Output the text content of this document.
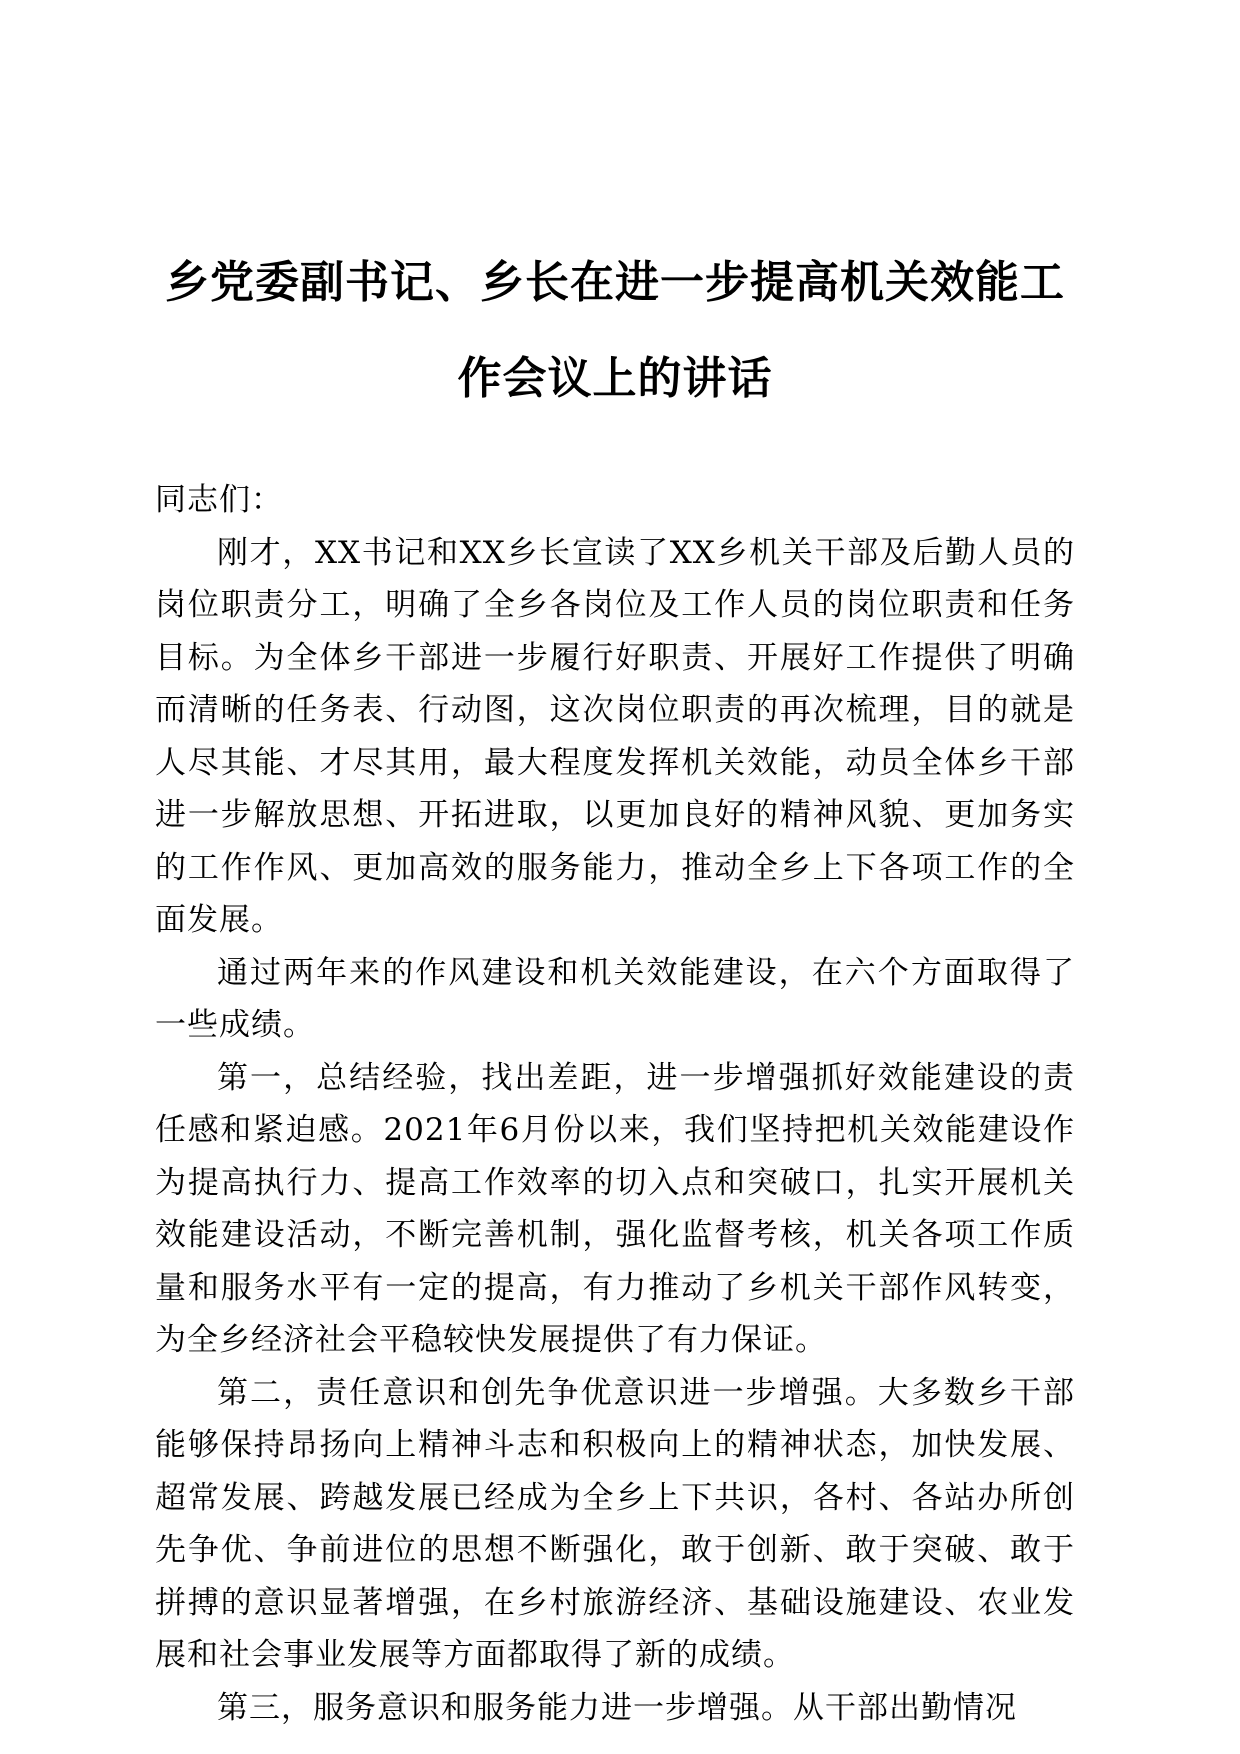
乡党委副书记、乡长在进一步提高机关效能工
作会议上的讲话

同志们：

刚才，XX书记和XX乡长宣读了XX乡机关干部及后勤人员的岗位职责分工，明确了全乡各岗位及工作人员的岗位职责和任务目标。为全体乡干部进一步履行好职责、开展好工作提供了明确而清晰的任务表、行动图，这次岗位职责的再次梳理，目的就是人尽其能、才尽其用，最大程度发挥机关效能，动员全体乡干部进一步解放思想、开拓进取，以更加良好的精神风貌、更加务实的工作作风、更加高效的服务能力，推动全乡上下各项工作的全面发展。

通过两年来的作风建设和机关效能建设，在六个方面取得了一些成绩。

第一，总结经验，找出差距，进一步增强抓好效能建设的责任感和紧迫感。2021年6月份以来，我们坚持把机关效能建设作为提高执行力、提高工作效率的切入点和突破口，扎实开展机关效能建设活动，不断完善机制，强化监督考核，机关各项工作质量和服务水平有一定的提高，有力推动了乡机关干部作风转变，为全乡经济社会平稳较快发展提供了有力保证。

第二，责任意识和创先争优意识进一步增强。大多数乡干部能够保持昂扬向上精神斗志和积极向上的精神状态，加快发展、超常发展、跨越发展已经成为全乡上下共识，各村、各站办所创先争优、争前进位的思想不断强化，敢于创新、敢于突破、敢于拼搏的意识显著增强，在乡村旅游经济、基础设施建设、农业发展和社会事业发展等方面都取得了新的成绩。

第三，服务意识和服务能力进一步增强。从干部出勤情况
